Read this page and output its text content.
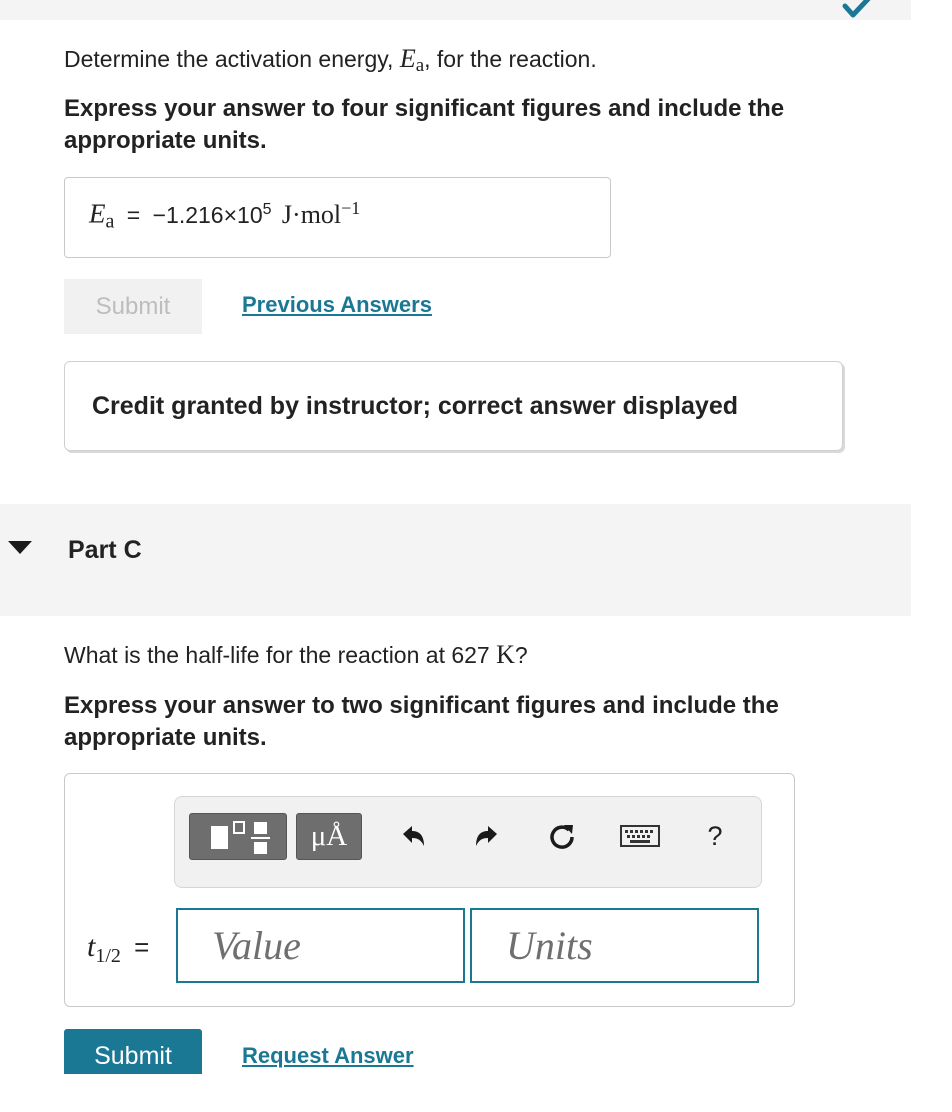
Determine the activation energy, Ea, for the reaction.
Express your answer to four significant figures and include the appropriate units.
$Ea = -1.216\times 10^5$ J·mol$^{-1}$
Submit	Previous Answers
Credit granted by instructor; correct answer displayed
Part C
What is the half-life for the reaction at 627 K?
Express your answer to two significant figures and include the appropriate units.
μÅ	?
$t_{1/2}$ =	Value	Units
Submit	Request Answer
